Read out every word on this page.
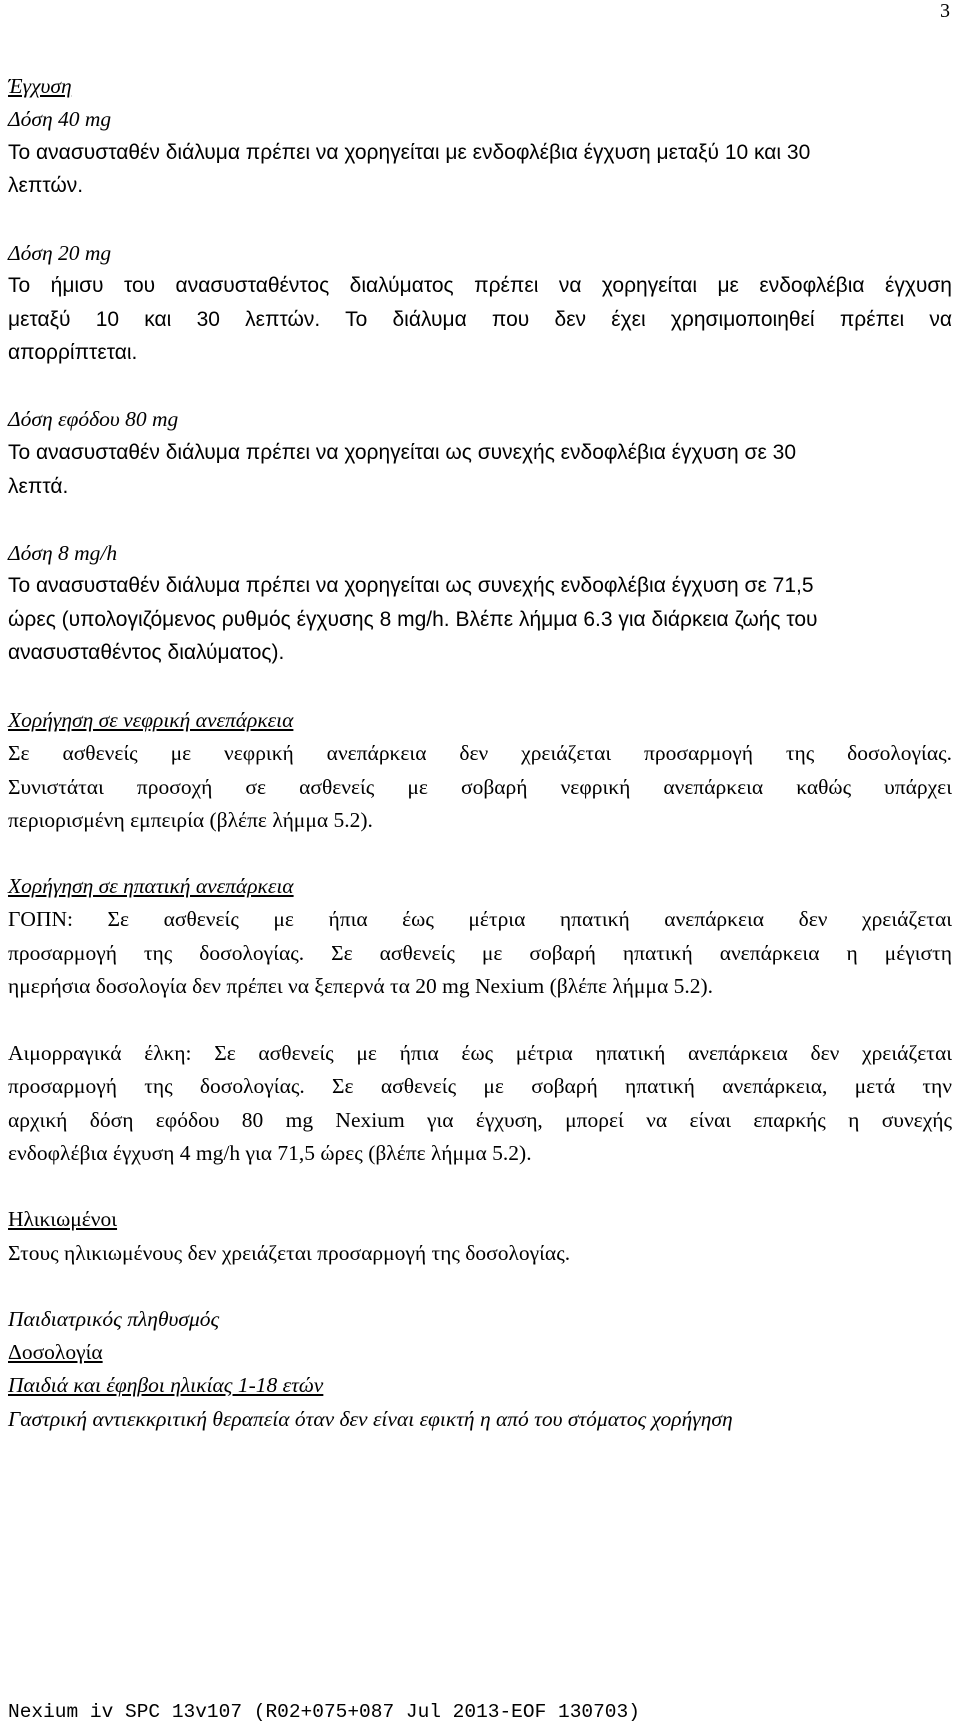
3
Έγχυση
Δόση 40 mg
Το ανασυσταθέν διάλυμα πρέπει να χορηγείται με ενδοφλέβια έγχυση μεταξύ 10 και 30
λεπτών.
Δόση 20 mg
Το ήμισυ του ανασυσταθέντος διαλύματος πρέπει να χορηγείται με ενδοφλέβια έγχυση
μεταξύ 10 και 30 λεπτών. Το διάλυμα που δεν έχει χρησιμοποιηθεί πρέπει να
απορρίπτεται.
Δόση εφόδου 80 mg
Το ανασυσταθέν διάλυμα πρέπει να χορηγείται ως συνεχής ενδοφλέβια έγχυση σε 30
λεπτά.
Δόση 8 mg/h
Το ανασυσταθέν διάλυμα πρέπει να χορηγείται ως συνεχής ενδοφλέβια έγχυση σε 71,5
ώρες (υπολογιζόμενος ρυθμός έγχυσης 8 mg/h. Βλέπε λήμμα 6.3 για διάρκεια ζωής του
ανασυσταθέντος διαλύματος).
Χορήγηση σε νεφρική ανεπάρκεια
Σε ασθενείς με νεφρική ανεπάρκεια δεν χρειάζεται προσαρμογή της δοσολογίας.
Συνιστάται προσοχή σε ασθενείς με σοβαρή νεφρική ανεπάρκεια καθώς υπάρχει
περιορισμένη εμπειρία (βλέπε λήμμα 5.2).
Χορήγηση σε ηπατική ανεπάρκεια
ΓΟΠΝ: Σε ασθενείς με ήπια έως μέτρια ηπατική ανεπάρκεια δεν χρειάζεται
προσαρμογή της δοσολογίας. Σε ασθενείς με σοβαρή ηπατική ανεπάρκεια η μέγιστη
ημερήσια δοσολογία δεν πρέπει να ξεπερνά τα 20 mg Nexium (βλέπε λήμμα 5.2).
Αιμορραγικά έλκη: Σε ασθενείς με ήπια έως μέτρια ηπατική ανεπάρκεια δεν χρειάζεται
προσαρμογή της δοσολογίας. Σε ασθενείς με σοβαρή ηπατική ανεπάρκεια, μετά την
αρχική δόση εφόδου 80 mg Nexium για έγχυση, μπορεί να είναι επαρκής η συνεχής
ενδοφλέβια έγχυση 4 mg/h για 71,5 ώρες (βλέπε λήμμα 5.2).
Ηλικιωμένοι
Στους ηλικιωμένους δεν χρειάζεται προσαρμογή της δοσολογίας.
Παιδιατρικός πληθυσμός
Δοσολογία
Παιδιά και έφηβοι ηλικίας 1-18 ετών
Γαστρική αντιεκκριτική θεραπεία όταν δεν είναι εφικτή η από του στόματος χορήγηση
Nexium iv SPC 13v107 (R02+075+087 Jul 2013-EOF 130703)
